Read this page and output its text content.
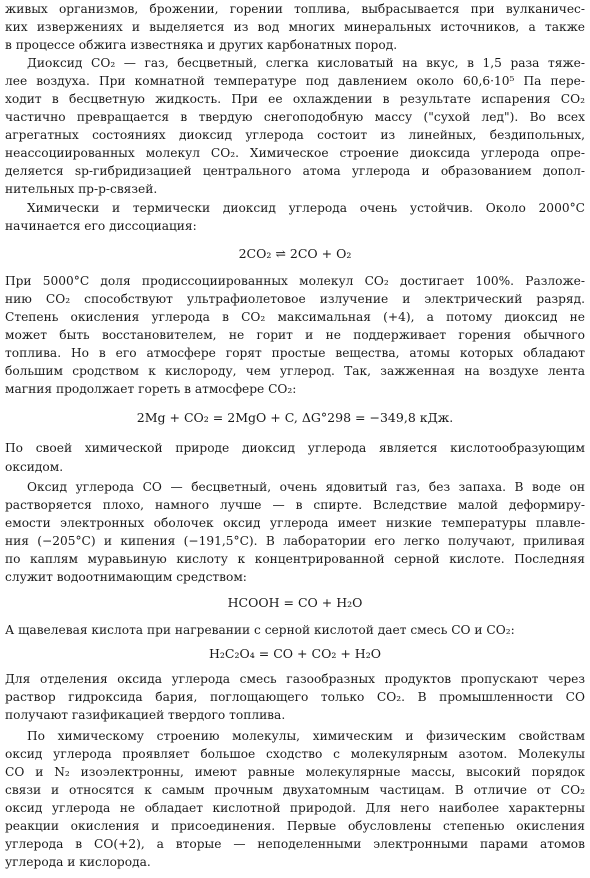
живых организмов, брожении, горении топлива, выбрасывается при вулканичес-
ких извержениях и выделяется из вод многих минеральных источников, а также
в процессе обжига известняка и других карбонатных пород.
Диоксид CO₂ — газ, бесцветный, слегка кисловатый на вкус, в 1,5 раза тяже-
лее воздуха. При комнатной температуре под давлением около 60,6·10⁵ Па пере-
ходит в бесцветную жидкость. При ее охлаждении в результате испарения CO₂
частично превращается в твердую снегоподобную массу ("сухой лед"). Во всех
агрегатных состояниях диоксид углерода состоит из линейных, бездипольных,
неассоциированных молекул CO₂. Химическое строение диоксида углерода опре-
деляется sp-гибридизацией центрального атома углерода и образованием допол-
нительных πp-p-связей.
Химически и термически диоксид углерода очень устойчив. Около 2000°C
начинается его диссоциация:
2CO₂ ⇌ 2CO + O₂
При 5000°C доля продиссоциированных молекул CO₂ достигает 100%. Разложе-
нию CO₂ способствуют ультрафиолетовое излучение и электрический разряд.
Степень окисления углерода в CO₂ максимальная (+4), а потому диоксид не
может быть восстановителем, не горит и не поддерживает горения обычного
топлива. Но в его атмосфере горят простые вещества, атомы которых обладают
большим сродством к кислороду, чем углерод. Так, зажженная на воздухе лента
магния продолжает гореть в атмосфере CO₂:
2Mg + CO₂ = 2MgO + C, ΔG°298 = −349,8 кДж.
По своей химической природе диоксид углерода является кислотообразующим
оксидом.
Оксид углерода CO — бесцветный, очень ядовитый газ, без запаха. В воде он
растворяется плохо, намного лучше — в спирте. Вследствие малой деформиру-
емости электронных оболочек оксид углерода имеет низкие температуры плавле-
ния (−205°C) и кипения (−191,5°C). В лаборатории его легко получают, приливая
по каплям муравьиную кислоту к концентрированной серной кислоте. Последняя
служит водоотнимающим средством:
HCOOH = CO + H₂O
А щавелевая кислота при нагревании с серной кислотой дает смесь CO и CO₂:
H₂C₂O₄ = CO + CO₂ + H₂O
Для отделения оксида углерода смесь газообразных продуктов пропускают через
раствор гидроксида бария, поглощающего только CO₂. В промышленности CO
получают газификацией твердого топлива.
По химическому строению молекулы, химическим и физическим свойствам
оксид углерода проявляет большое сходство с молекулярным азотом. Молекулы
CO и N₂ изоэлектронны, имеют равные молекулярные массы, высокий порядок
связи и относятся к самым прочным двухатомным частицам. В отличие от CO₂
оксид углерода не обладает кислотной природой. Для него наиболее характерны
реакции окисления и присоединения. Первые обусловлены степенью окисления
углерода в CO(+2), а вторые — неподеленными электронными парами атомов
углерода и кислорода.
